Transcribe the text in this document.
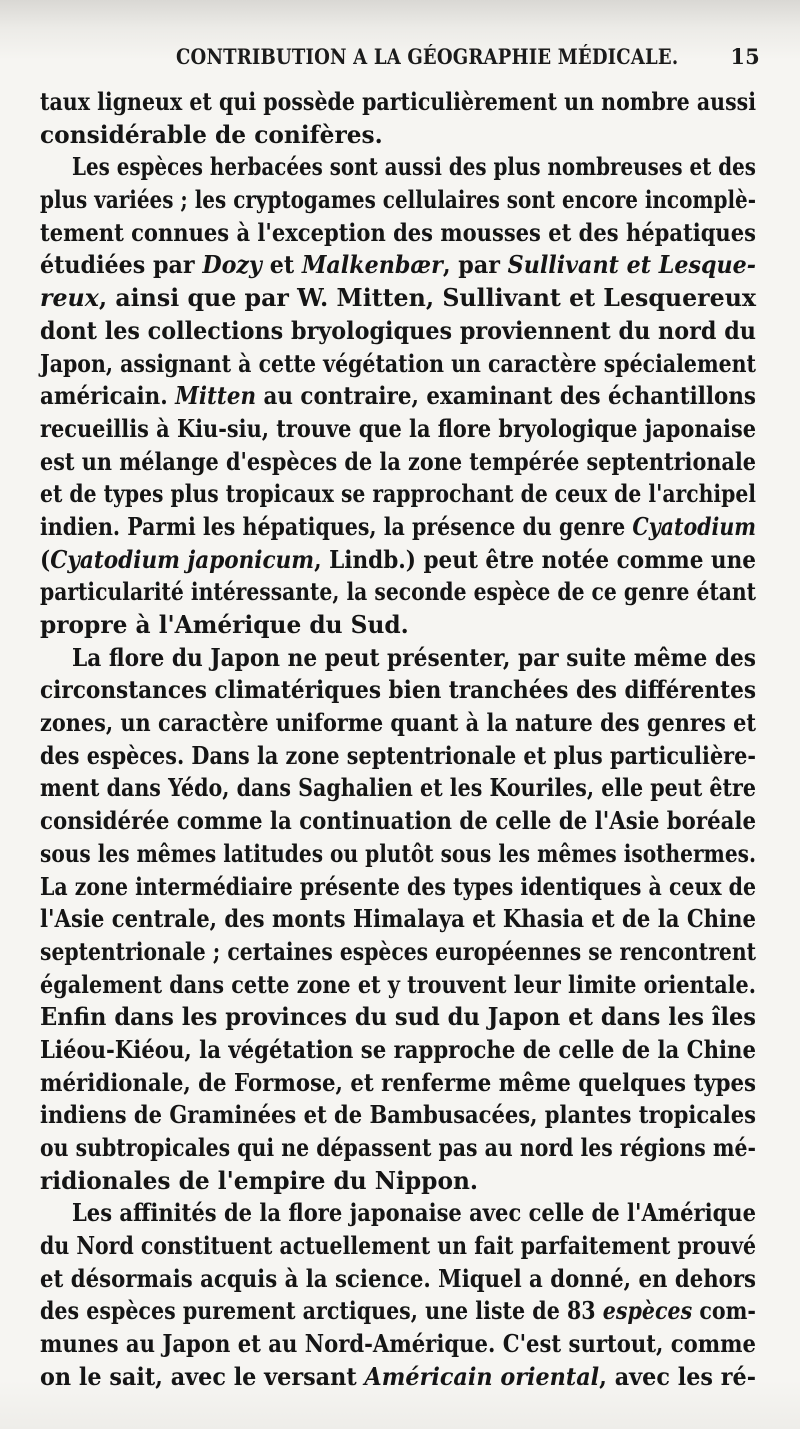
CONTRIBUTION A LA GÉOGRAPHIE MÉDICALE. 15
taux ligneux et qui possède particulièrement un nombre aussi
considérable de conifères.
Les espèces herbacées sont aussi des plus nombreuses et des
plus variées ; les cryptogames cellulaires sont encore incomplè-
tement connues à l'exception des mousses et des hépatiques
étudiées par Dozy et Malkenbær, par Sullivant et Lesque-
reux, ainsi que par W. Mitten, Sullivant et Lesquereux
dont les collections bryologiques proviennent du nord du
Japon, assignant à cette végétation un caractère spécialement
américain. Mitten au contraire, examinant des échantillons
recueillis à Kiu-siu, trouve que la flore bryologique japonaise
est un mélange d'espèces de la zone tempérée septentrionale
et de types plus tropicaux se rapprochant de ceux de l'archipel
indien. Parmi les hépatiques, la présence du genre Cyatodium
(Cyatodium japonicum, Lindb.) peut être notée comme une
particularité intéressante, la seconde espèce de ce genre étant
propre à l'Amérique du Sud.
La flore du Japon ne peut présenter, par suite même des
circonstances climatériques bien tranchées des différentes
zones, un caractère uniforme quant à la nature des genres et
des espèces. Dans la zone septentrionale et plus particulière-
ment dans Yédo, dans Saghalien et les Kouriles, elle peut être
considérée comme la continuation de celle de l'Asie boréale
sous les mêmes latitudes ou plutôt sous les mêmes isothermes.
La zone intermédiaire présente des types identiques à ceux de
l'Asie centrale, des monts Himalaya et Khasia et de la Chine
septentrionale ; certaines espèces européennes se rencontrent
également dans cette zone et y trouvent leur limite orientale.
Enfin dans les provinces du sud du Japon et dans les îles
Liéou-Kiéou, la végétation se rapproche de celle de la Chine
méridionale, de Formose, et renferme même quelques types
indiens de Graminées et de Bambusacées, plantes tropicales
ou subtropicales qui ne dépassent pas au nord les régions mé-
ridionales de l'empire du Nippon.
Les affinités de la flore japonaise avec celle de l'Amérique
du Nord constituent actuellement un fait parfaitement prouvé
et désormais acquis à la science. Miquel a donné, en dehors
des espèces purement arctiques, une liste de 83 espèces com-
munes au Japon et au Nord-Amérique. C'est surtout, comme
on le sait, avec le versant Américain oriental, avec les ré-
